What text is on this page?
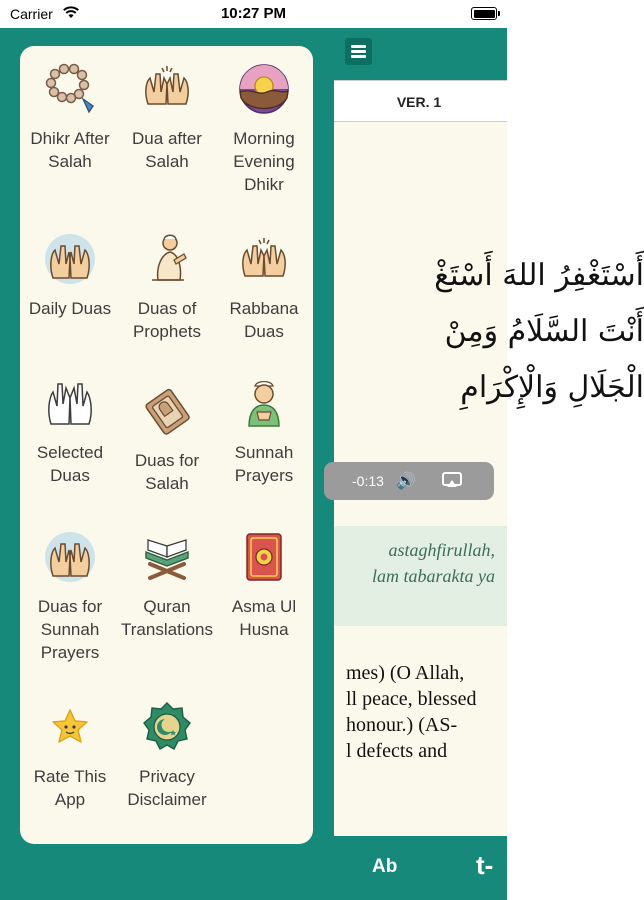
Carrier	10:27 PM
Dhikr After Salah
Dua after Salah
Morning Evening Dhikr
Daily Duas	Duas of Prophets
Rabbana Duas
Selected Duas
Duas for Salah
Sunnah Prayers
Duas for Sunnah Prayers
Quran Translations
Asma Ul Husna
Rate This App
Privacy Disclaimer
VER. 1
أَسْتَغْفِرُ اللهَ أَسْتَغْ
أَنْتَ السَّلَامُ وَمِنْ
الْجَلَالِ وَالْإِكْرَامِ
-0:13 🔊
astaghfirullah,
lam tabarakta ya
mes) (O Allah,
ll peace, blessed
honour.) (AS-
l defects and
Ab	t-
